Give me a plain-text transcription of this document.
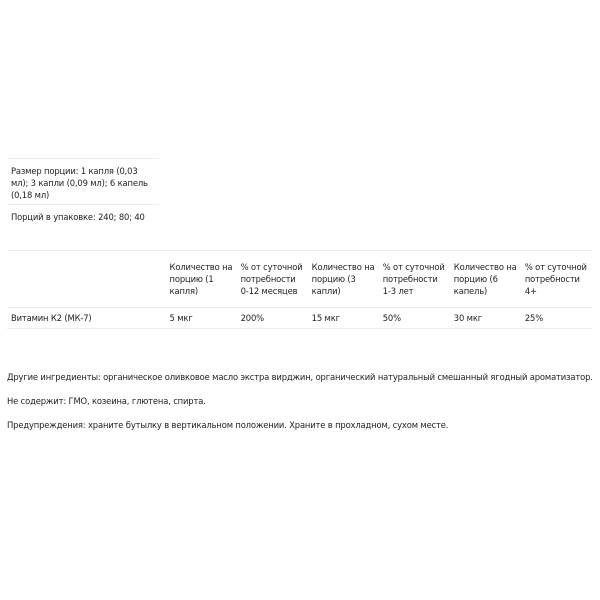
Размер порции: 1 капля (0,03 мл); 3 капли (0,09 мл); 6 капель (0,18 мл)
Порций в упаковке: 240; 80; 40
	Количество на порцию (1 капля)	% от суточной потребности 0-12 месяцев	Количество на порцию (3 капли)	% от суточной потребности 1-3 лет	Количество на порцию (6 капель)	% от суточной потребности 4+
Витамин К2 (МК-7)	5 мкг	200%	15 мкг	50%	30 мкг	25%

Другие ингредиенты: органическое оливковое масло экстра вирджин, органический натуральный смешанный ягодный ароматизатор.

Не содержит: ГМО, козеина, глютена, спирта.

Предупреждения: храните бутылку в вертикальном положении. Храните в прохладном, сухом месте.
